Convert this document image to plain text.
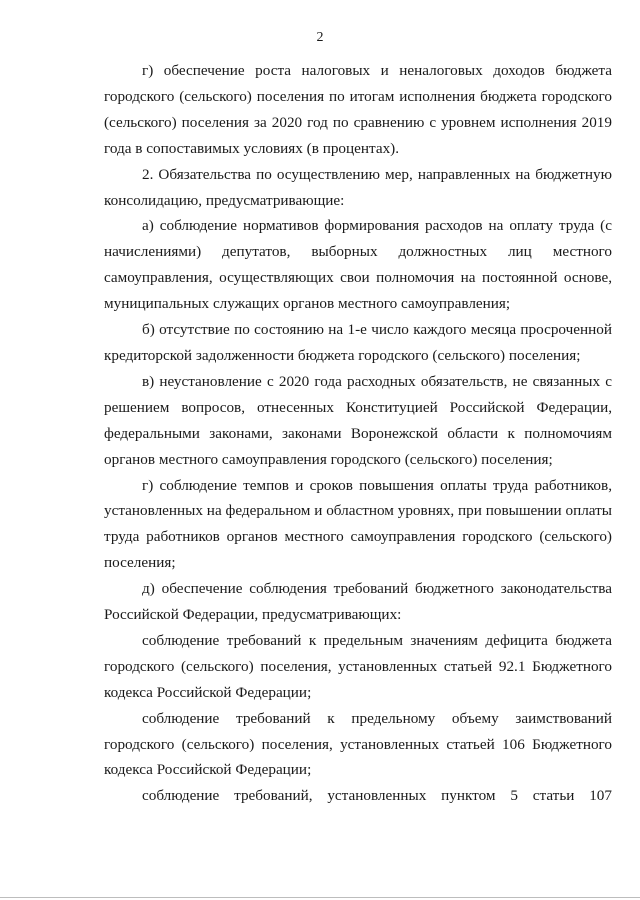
2

г) обеспечение роста налоговых и неналоговых доходов бюджета городского (сельского) поселения по итогам исполнения бюджета городского (сельского) поселения за 2020 год по сравнению с уровнем исполнения 2019 года в сопоставимых условиях (в процентах).

2. Обязательства по осуществлению мер, направленных на бюджетную консолидацию, предусматривающие:

а) соблюдение нормативов формирования расходов на оплату труда (с начислениями) депутатов, выборных должностных лиц местного самоуправления, осуществляющих свои полномочия на постоянной основе, муниципальных служащих органов местного самоуправления;

б) отсутствие по состоянию на 1-е число каждого месяца просроченной кредиторской задолженности бюджета городского (сельского) поселения;

в) неустановление с 2020 года расходных обязательств, не связанных с решением вопросов, отнесенных Конституцией Российской Федерации, федеральными законами, законами Воронежской области к полномочиям органов местного самоуправления городского (сельского) поселения;

г) соблюдение темпов и сроков повышения оплаты труда работников, установленных на федеральном и областном уровнях, при повышении оплаты труда работников органов местного самоуправления городского (сельского) поселения;

д) обеспечение соблюдения требований бюджетного законодательства Российской Федерации, предусматривающих:

соблюдение требований к предельным значениям дефицита бюджета городского (сельского) поселения, установленных статьей 92.1 Бюджетного кодекса Российской Федерации;

соблюдение требований к предельному объему заимствований городского (сельского) поселения, установленных статьей 106 Бюджетного кодекса Российской Федерации;

соблюдение требований, установленных пунктом 5 статьи 107
